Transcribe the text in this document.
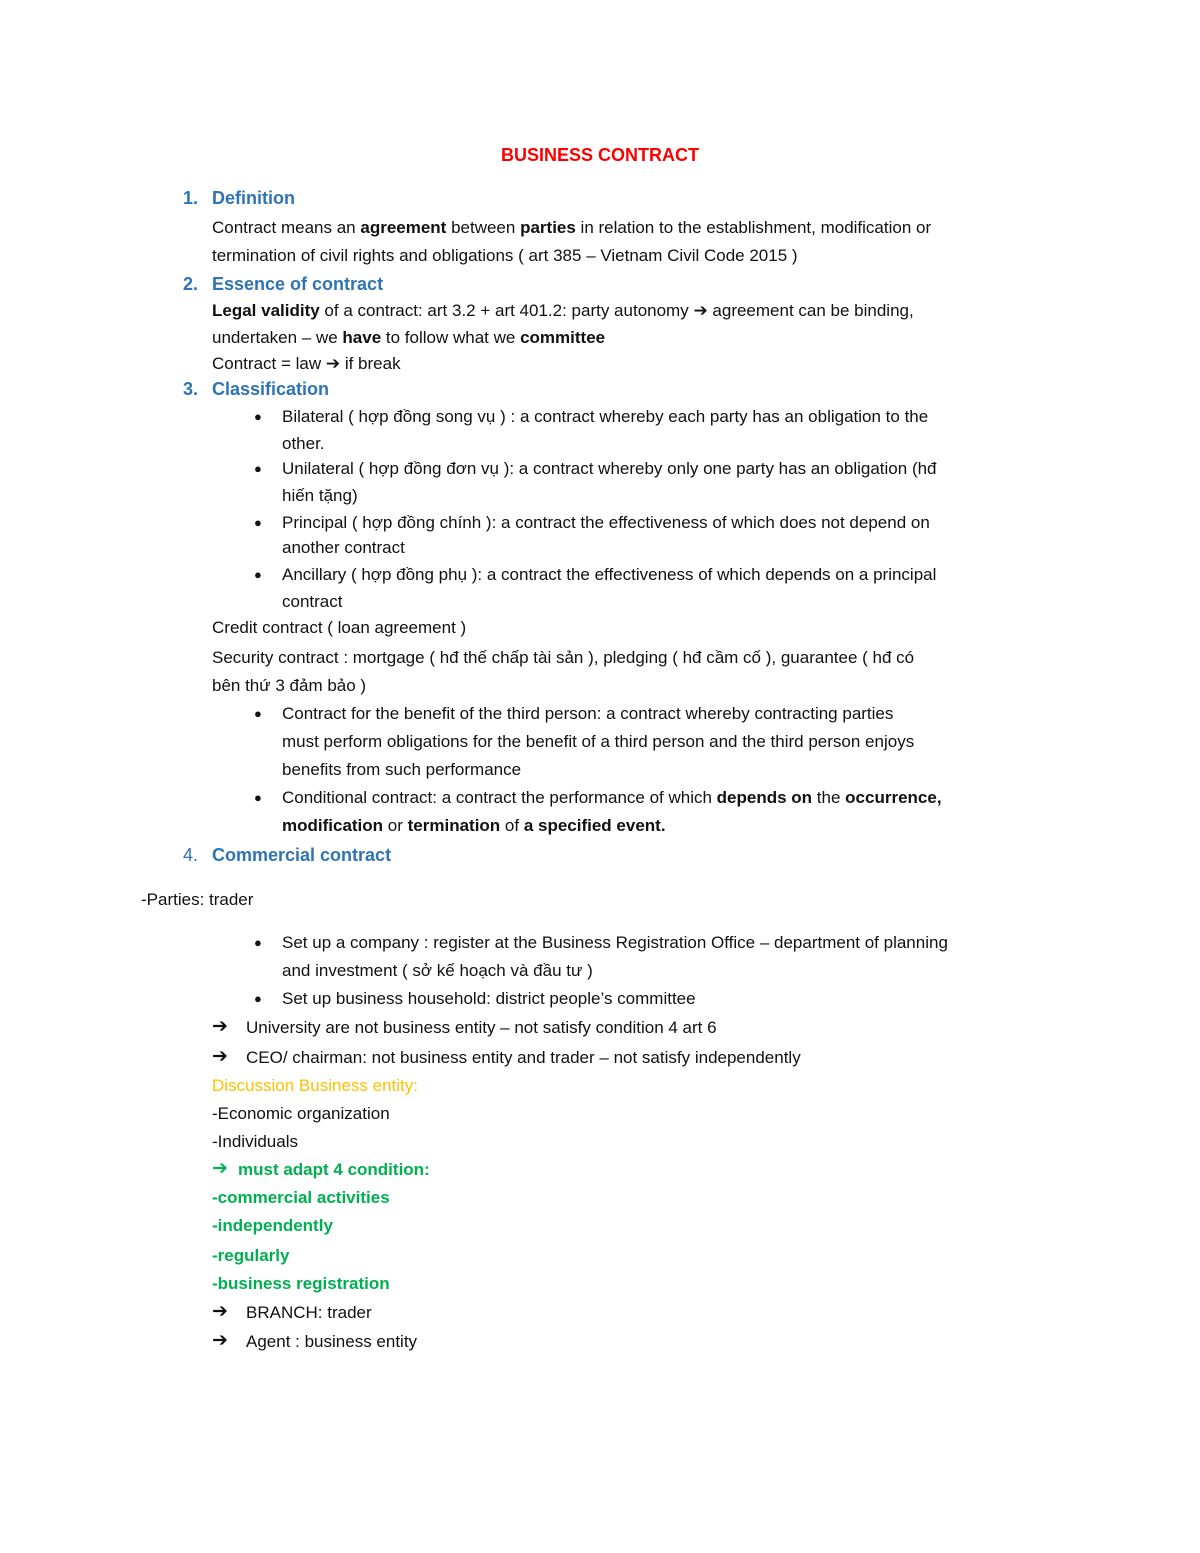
BUSINESS CONTRACT
1. Definition
Contract means an agreement between parties in relation to the establishment, modification or
termination of civil rights and obligations ( art 385 – Vietnam Civil Code 2015 )
2. Essence of contract
Legal validity of a contract: art 3.2 + art 401.2: party autonomy ➔ agreement can be binding,
undertaken – we have to follow what we committee
Contract = law ➔ if break
3. Classification
● Bilateral ( hợp đồng song vụ ) : a contract whereby each party has an obligation to the
other.
● Unilateral ( hợp đồng đơn vụ ): a contract whereby only one party has an obligation (hđ
hiến tặng)
● Principal ( hợp đồng chính ): a contract the effectiveness of which does not depend on
another contract
● Ancillary ( hợp đồng phụ ): a contract the effectiveness of which depends on a principal
contract
Credit contract ( loan agreement )
Security contract : mortgage ( hđ thế chấp tài sản ), pledging ( hđ cầm cố ), guarantee ( hđ có
bên thứ 3 đảm bảo )
● Contract for the benefit of the third person: a contract whereby contracting parties
must perform obligations for the benefit of a third person and the third person enjoys
benefits from such performance
● Conditional contract: a contract the performance of which depends on the occurrence,
modification or termination of a specified event.
4. Commercial contract
-Parties: trader
● Set up a company : register at the Business Registration Office – department of planning
and investment ( sở kế hoạch và đầu tư )
● Set up business household: district people’s committee
➔ University are not business entity – not satisfy condition 4 art 6
➔ CEO/ chairman: not business entity and trader – not satisfy independently
Discussion Business entity:
-Economic organization
-Individuals
➔ must adapt 4 condition:
-commercial activities
-independently
-regularly
-business registration
➔ BRANCH: trader
➔ Agent : business entity
